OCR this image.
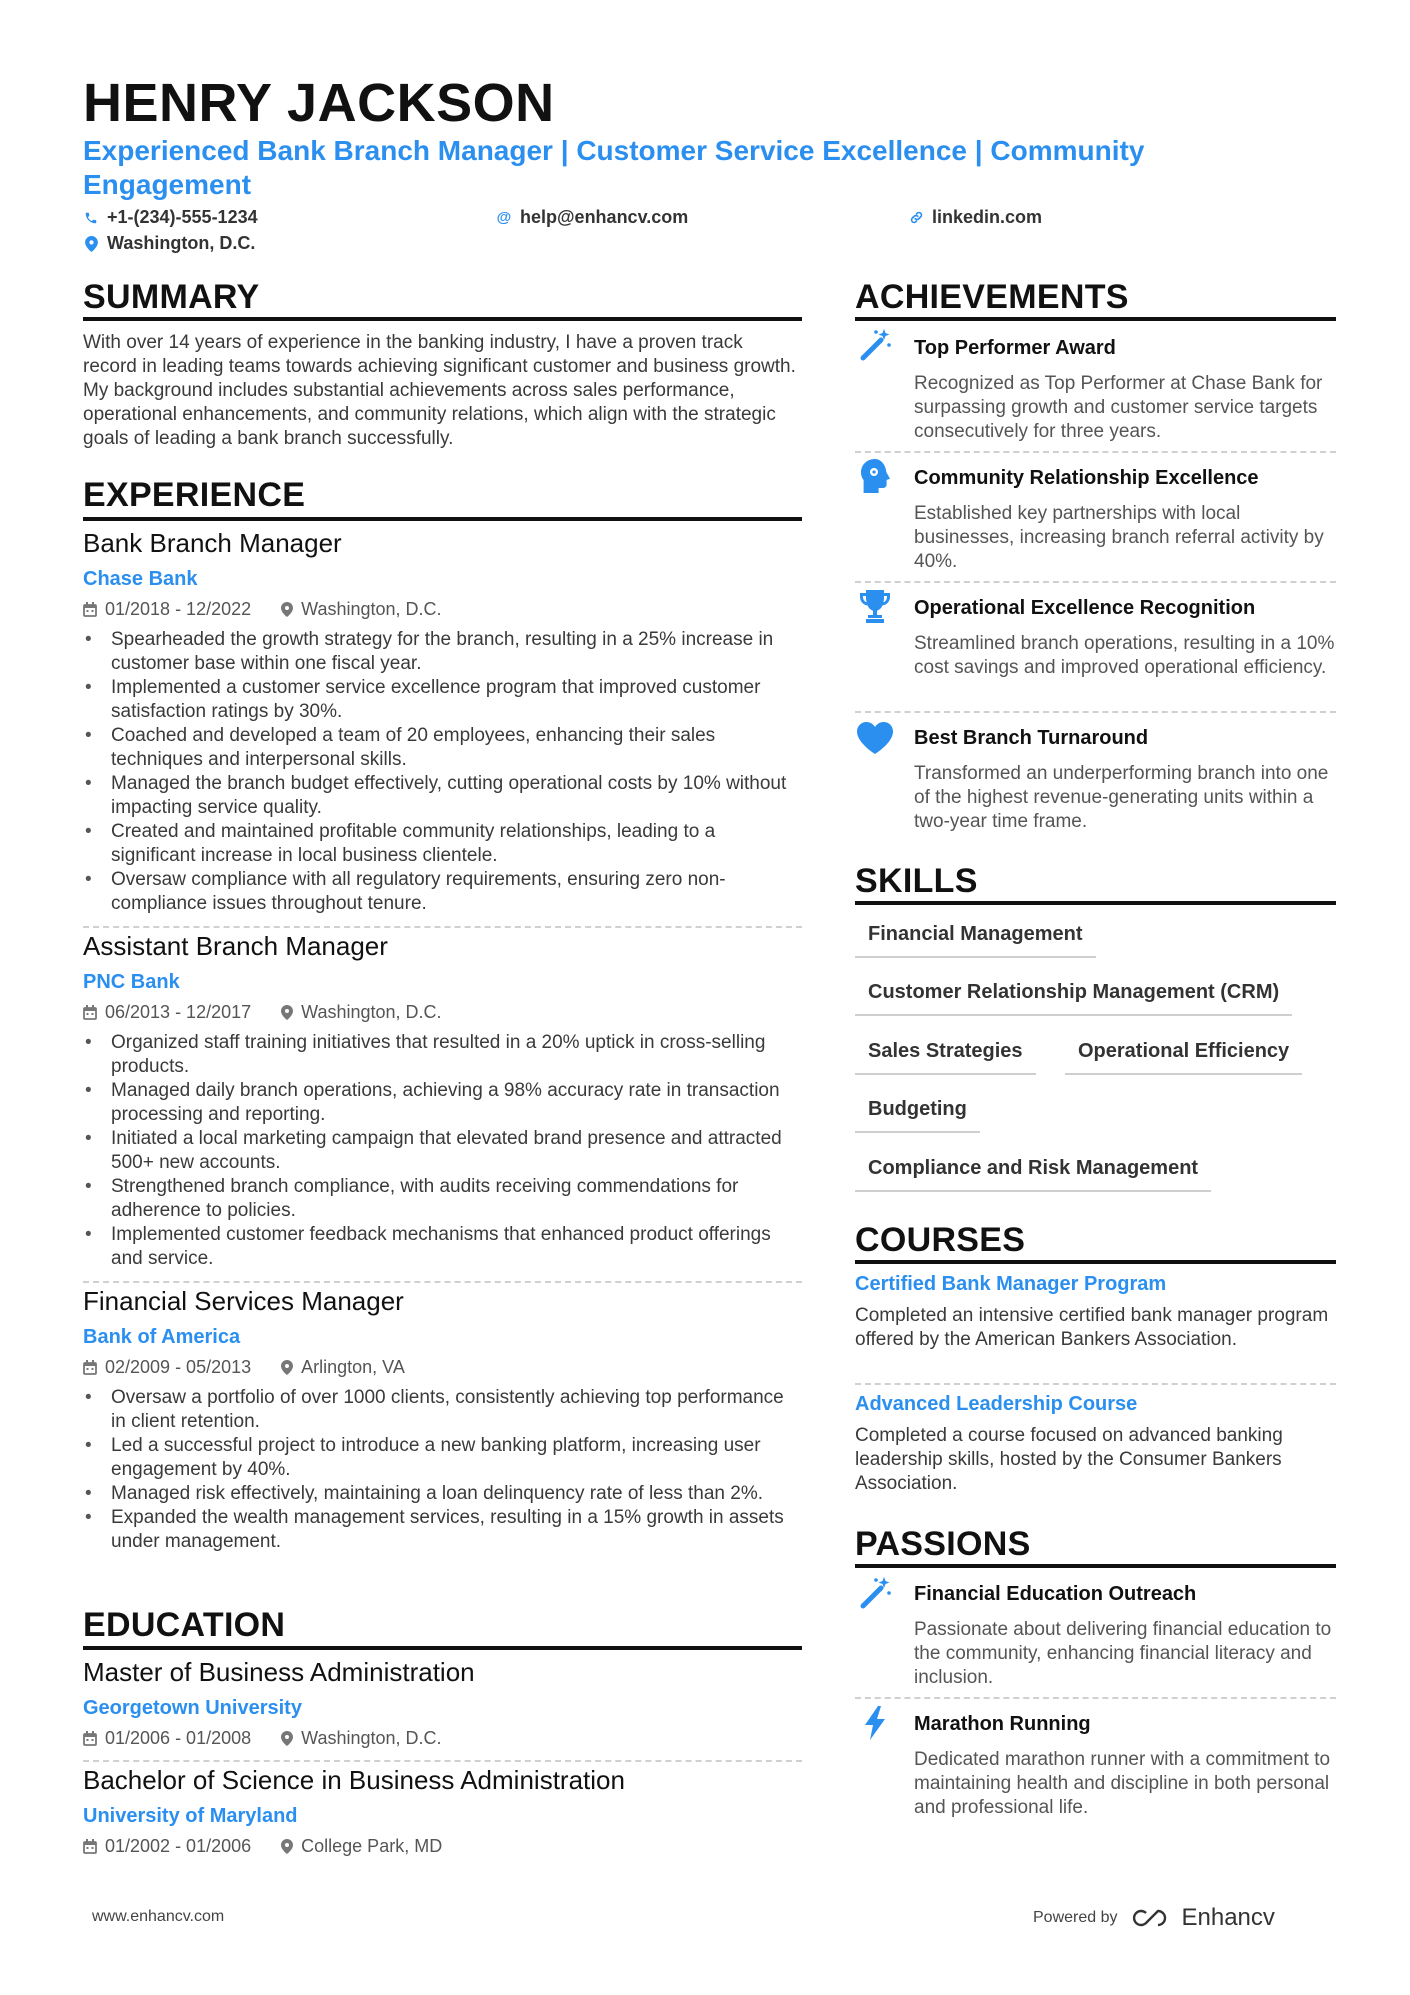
HENRY JACKSON
Experienced Bank Branch Manager | Customer Service Excellence | Community Engagement
+1-(234)-555-1234	@ help@enhancv.com	linkedin.com
Washington, D.C.
SUMMARY
With over 14 years of experience in the banking industry, I have a proven track record in leading teams towards achieving significant customer and business growth. My background includes substantial achievements across sales performance, operational enhancements, and community relations, which align with the strategic goals of leading a bank branch successfully.
EXPERIENCE
Bank Branch Manager
Chase Bank
01/2018 - 12/2022	Washington, D.C.
• Spearheaded the growth strategy for the branch, resulting in a 25% increase in customer base within one fiscal year.
• Implemented a customer service excellence program that improved customer satisfaction ratings by 30%.
• Coached and developed a team of 20 employees, enhancing their sales techniques and interpersonal skills.
• Managed the branch budget effectively, cutting operational costs by 10% without impacting service quality.
• Created and maintained profitable community relationships, leading to a significant increase in local business clientele.
• Oversaw compliance with all regulatory requirements, ensuring zero non-compliance issues throughout tenure.
Assistant Branch Manager
PNC Bank
06/2013 - 12/2017	Washington, D.C.
• Organized staff training initiatives that resulted in a 20% uptick in cross-selling products.
• Managed daily branch operations, achieving a 98% accuracy rate in transaction processing and reporting.
• Initiated a local marketing campaign that elevated brand presence and attracted 500+ new accounts.
• Strengthened branch compliance, with audits receiving commendations for adherence to policies.
• Implemented customer feedback mechanisms that enhanced product offerings and service.
Financial Services Manager
Bank of America
02/2009 - 05/2013	Arlington, VA
• Oversaw a portfolio of over 1000 clients, consistently achieving top performance in client retention.
• Led a successful project to introduce a new banking platform, increasing user engagement by 40%.
• Managed risk effectively, maintaining a loan delinquency rate of less than 2%.
• Expanded the wealth management services, resulting in a 15% growth in assets under management.
EDUCATION
Master of Business Administration
Georgetown University
01/2006 - 01/2008	Washington, D.C.
Bachelor of Science in Business Administration
University of Maryland
01/2002 - 01/2006	College Park, MD
ACHIEVEMENTS
Top Performer Award
Recognized as Top Performer at Chase Bank for surpassing growth and customer service targets consecutively for three years.
Community Relationship Excellence
Established key partnerships with local businesses, increasing branch referral activity by 40%.
Operational Excellence Recognition
Streamlined branch operations, resulting in a 10% cost savings and improved operational efficiency.
Best Branch Turnaround
Transformed an underperforming branch into one of the highest revenue-generating units within a two-year time frame.
SKILLS
Financial Management
Customer Relationship Management (CRM)
Sales Strategies	Operational Efficiency
Budgeting
Compliance and Risk Management
COURSES
Certified Bank Manager Program
Completed an intensive certified bank manager program offered by the American Bankers Association.
Advanced Leadership Course
Completed a course focused on advanced banking leadership skills, hosted by the Consumer Bankers Association.
PASSIONS
Financial Education Outreach
Passionate about delivering financial education to the community, enhancing financial literacy and inclusion.
Marathon Running
Dedicated marathon runner with a commitment to maintaining health and discipline in both personal and professional life.
www.enhancv.com	Powered by	Enhancv
